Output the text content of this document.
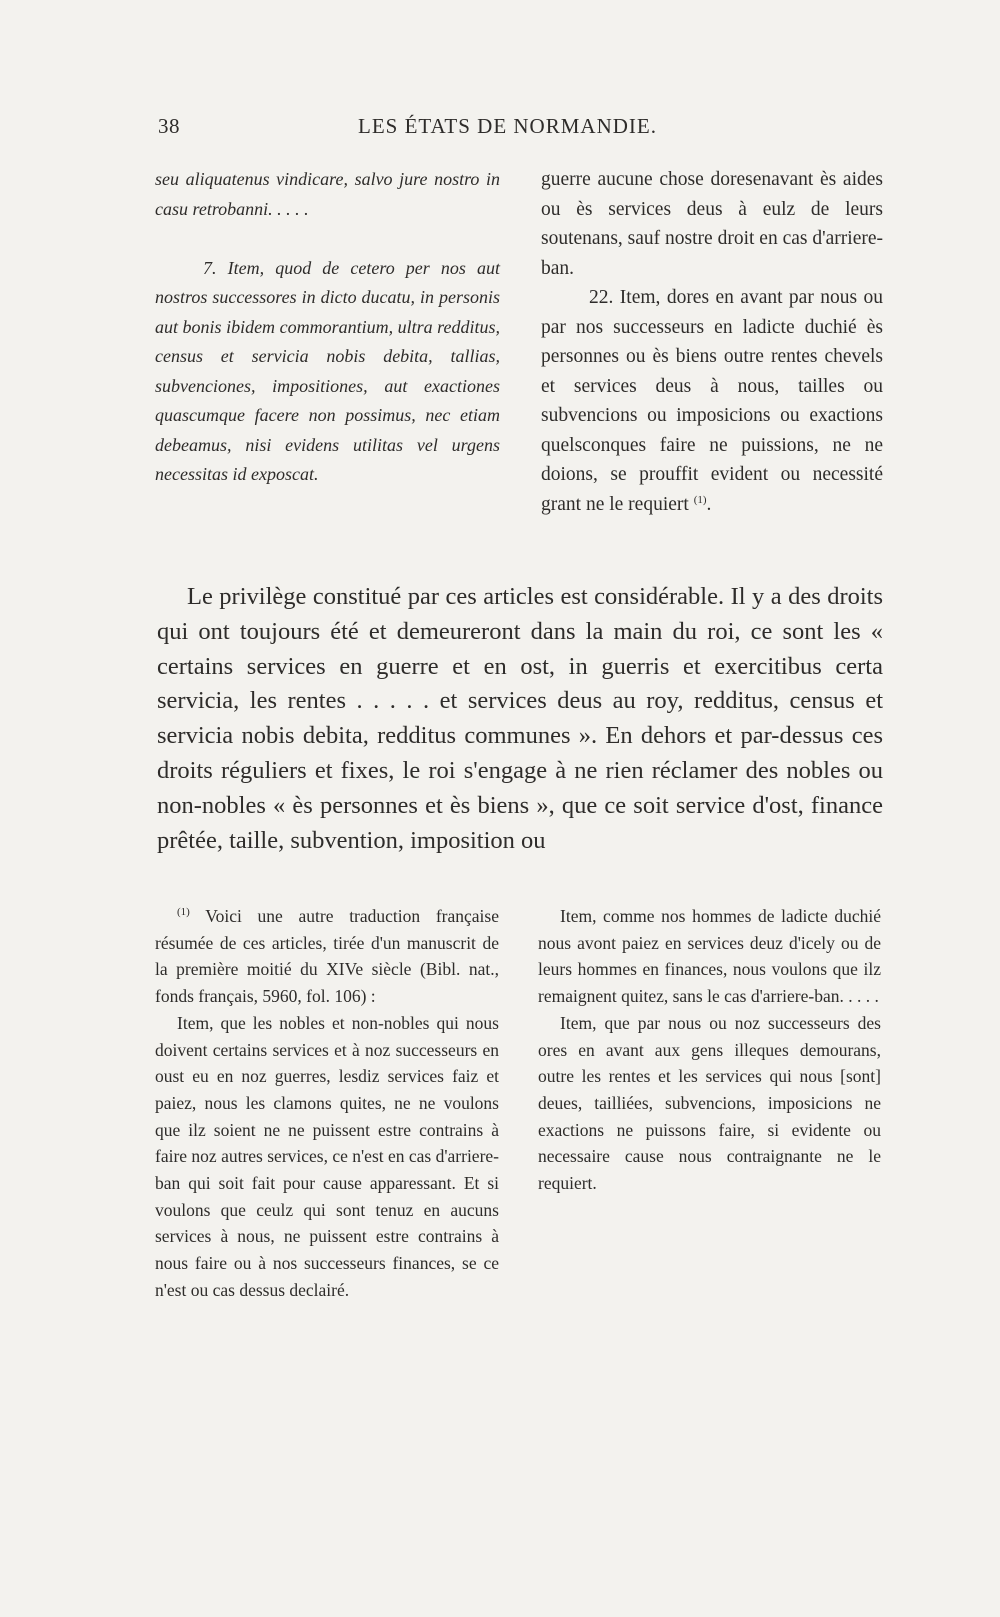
38	LES ÉTATS DE NORMANDIE.

seu aliquatenus vindicare, salvo jure nostro in casu retrobanni. . . . .

7. Item, quod de cetero per nos aut nostros successores in dicto ducatu, in personis aut bonis ibidem commorantium, ultra redditus, census et servicia nobis debita, tallias, subvenciones, impositiones, aut exactiones quascumque facere non possimus, nec etiam debeamus, nisi evidens utilitas vel urgens necessitas id exposcat.

guerre aucune chose doresenavant ès aides ou ès services deus à eulz de leurs soutenans, sauf nostre droit en cas d'arriere-ban.

22. Item, dores en avant par nous ou par nos successeurs en ladicte duchié ès personnes ou ès biens outre rentes chevels et services deus à nous, tailles ou subvencions ou imposicions ou exactions quelsconques faire ne puissions, ne ne doions, se prouffit evident ou necessité grant ne le requiert $^{(1)}$.

Le privilège constitué par ces articles est considérable. Il y a des droits qui ont toujours été et demeureront dans la main du roi, ce sont les « certains services en guerre et en ost, in guerris et exercitibus certa servicia, les rentes . . . . . et services deus au roy, redditus, census et servicia nobis debita, redditus communes ». En dehors et par-dessus ces droits réguliers et fixes, le roi s'engage à ne rien réclamer des nobles ou non-nobles « ès personnes et ès biens », que ce soit service d'ost, finance prêtée, taille, subvention, imposition ou

$^{(1)}$ Voici une autre traduction française résumée de ces articles, tirée d'un manuscrit de la première moitié du XIVe siècle (Bibl. nat., fonds français, 5960, fol. 106) :

Item, que les nobles et non-nobles qui nous doivent certains services et à noz successeurs en oust eu en noz guerres, lesdiz services faiz et paiez, nous les clamons quites, ne ne voulons que ilz soient ne ne puissent estre contrains à faire noz autres services, ce n'est en cas d'arriere-ban qui soit fait pour cause apparessant. Et si voulons que ceulz qui sont tenuz en aucuns services à nous, ne puissent estre contrains à nous faire ou à nos successeurs finances, se ce n'est ou cas dessus declairé.

Item, comme nos hommes de ladicte duchié nous avont paiez en services deuz d'icely ou de leurs hommes en finances, nous voulons que ilz remaignent quitez, sans le cas d'arriere-ban. . . . .

Item, que par nous ou noz successeurs des ores en avant aux gens illeques demourans, outre les rentes et les services qui nous [sont] deues, tailliées, subvencions, imposicions ne exactions ne puissons faire, si evidente ou necessaire cause nous contraignante ne le requiert.
